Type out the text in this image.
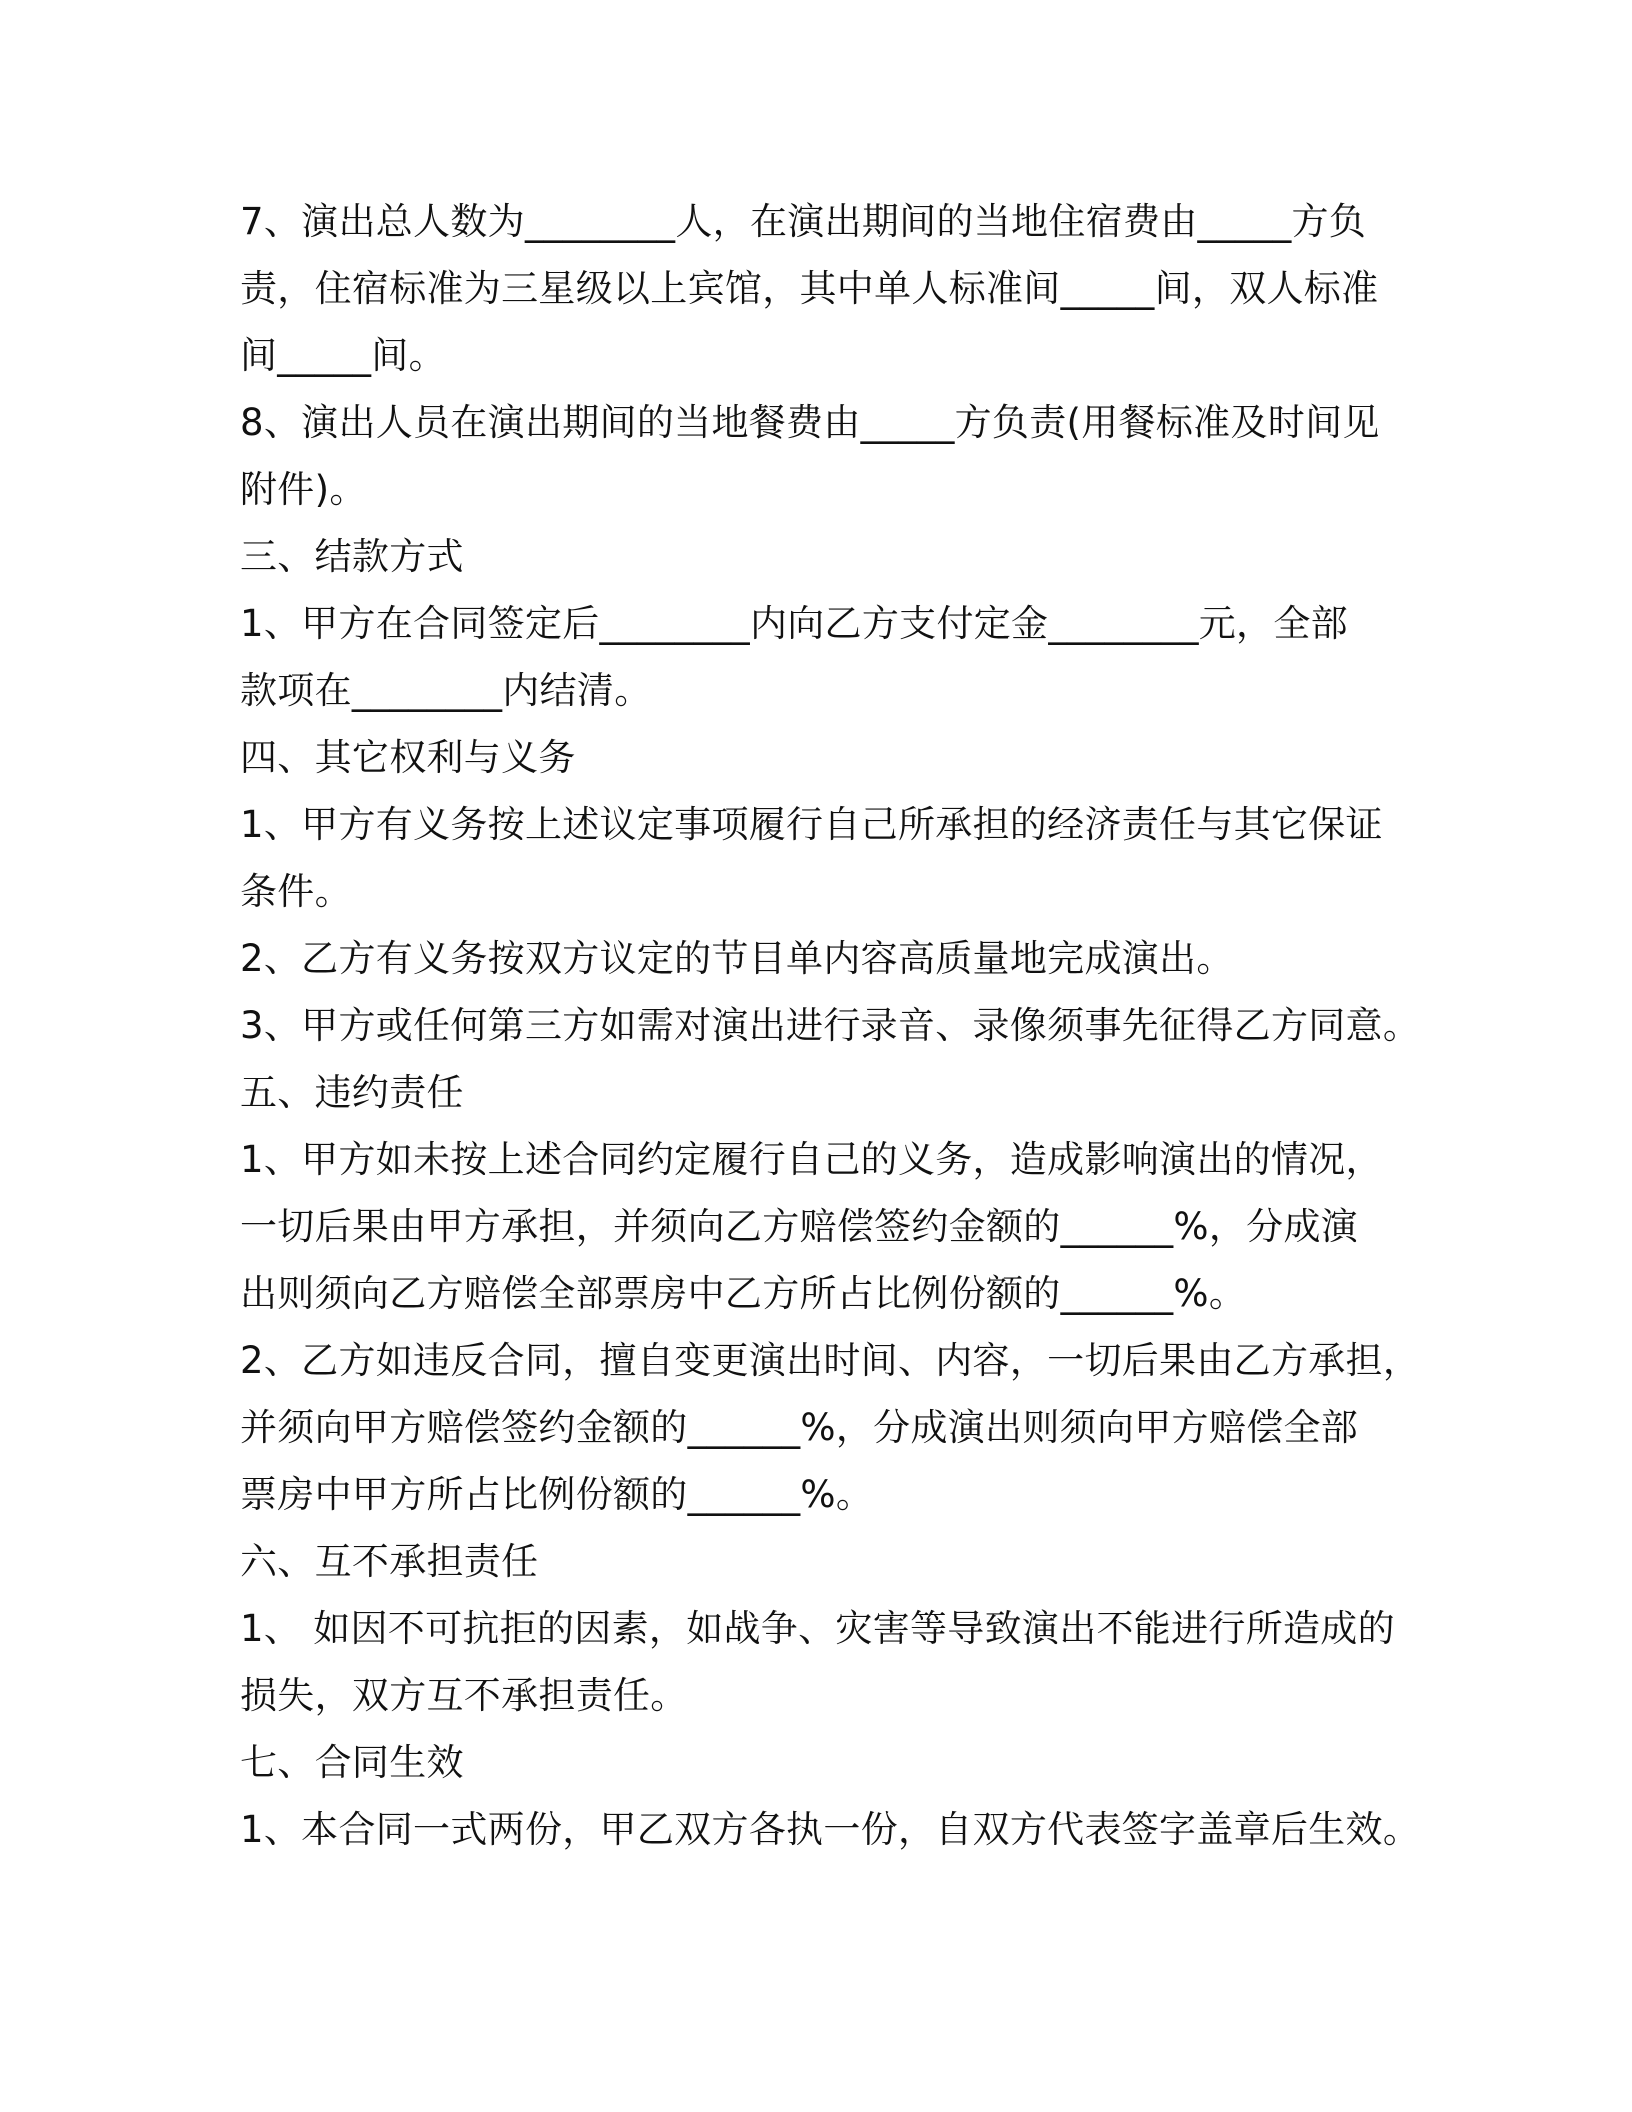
7、演出总人数为________人，在演出期间的当地住宿费由_____方负
责，住宿标准为三星级以上宾馆，其中单人标准间_____间，双人标准
间_____间。
8、演出人员在演出期间的当地餐费由_____方负责(用餐标准及时间见
附件)。
三、结款方式
1、甲方在合同签定后________内向乙方支付定金________元，全部
款项在________内结清。
四、其它权利与义务
1、甲方有义务按上述议定事项履行自己所承担的经济责任与其它保证
条件。
2、乙方有义务按双方议定的节目单内容高质量地完成演出。
3、甲方或任何第三方如需对演出进行录音、录像须事先征得乙方同意。
五、违约责任
1、甲方如未按上述合同约定履行自己的义务，造成影响演出的情况，
一切后果由甲方承担，并须向乙方赔偿签约金额的______%，分成演
出则须向乙方赔偿全部票房中乙方所占比例份额的______%。
2、乙方如违反合同，擅自变更演出时间、内容，一切后果由乙方承担，
并须向甲方赔偿签约金额的______%，分成演出则须向甲方赔偿全部
票房中甲方所占比例份额的______%。
六、互不承担责任
1、 如因不可抗拒的因素，如战争、灾害等导致演出不能进行所造成的
损失，双方互不承担责任。
七、合同生效
1、本合同一式两份，甲乙双方各执一份，自双方代表签字盖章后生效。
